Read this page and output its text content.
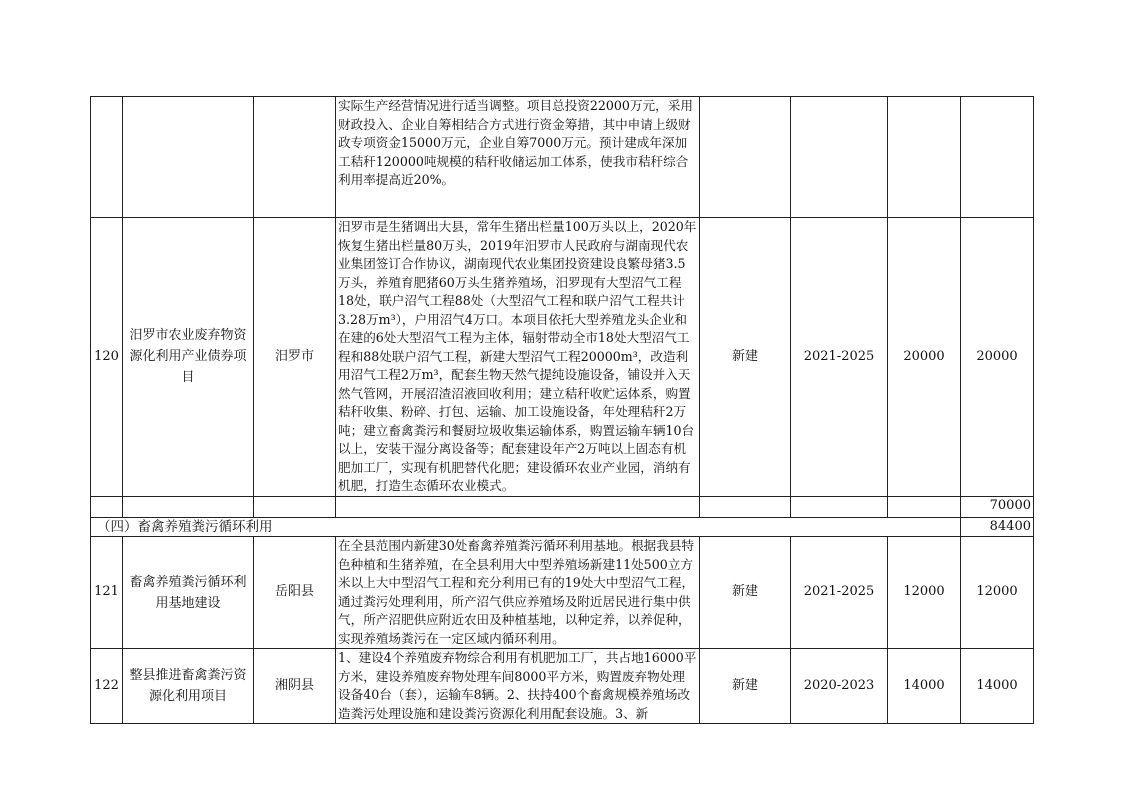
			实际生产经营情况进行适当调整。项目总投资22000万元，采用财政投入、企业自筹相结合方式进行资金筹措，其中申请上级财政专项资金15000万元，企业自筹7000万元。预计建成年深加工秸秆120000吨规模的秸秆收储运加工体系，使我市秸秆综合利用率提高近20%。				
120	汨罗市农业废弃物资源化利用产业债券项目	汨罗市	汨罗市是生猪调出大县，常年生猪出栏量100万头以上，2020年恢复生猪出栏量80万头，2019年汨罗市人民政府与湖南现代农业集团签订合作协议，湖南现代农业集团投资建设良繁母猪3.5万头，养殖育肥猪60万头生猪养殖场，汨罗现有大型沼气工程18处，联户沼气工程88处（大型沼气工程和联户沼气工程共计3.28万m³），户用沼气4万口。本项目依托大型养殖龙头企业和在建的6处大型沼气工程为主体，辐射带动全市18处大型沼气工程和88处联户沼气工程，新建大型沼气工程20000m³，改造利用沼气工程2万m³，配套生物天然气提纯设施设备，铺设并入天然气管网，开展沼渣沼液回收利用；建立秸秆收贮运体系，购置秸秆收集、粉碎、打包、运输、加工设施设备，年处理秸秆2万吨；建立畜禽粪污和餐厨垃圾收集运输体系，购置运输车辆10台以上，安装干湿分离设备等；配套建设年产2万吨以上固态有机肥加工厂，实现有机肥替代化肥；建设循环农业产业园，消纳有机肥，打造生态循环农业模式。	新建	2021-2025	20000	20000
							70000
（四）畜禽养殖粪污循环利用							84400
121	畜禽养殖粪污循环利用基地建设	岳阳县	在全县范围内新建30处畜禽养殖粪污循环利用基地。根据我县特色种植和生猪养殖，在全县利用大中型养殖场新建11处500立方米以上大中型沼气工程和充分利用已有的19处大中型沼气工程，通过粪污处理利用，所产沼气供应养殖场及附近居民进行集中供气，所产沼肥供应附近农田及种植基地，以种定养，以养促种，实现养殖场粪污在一定区域内循环利用。	新建	2021-2025	12000	12000
122	整县推进畜禽粪污资源化利用项目	湘阴县	1、建设4个养殖废弃物综合利用有机肥加工厂，共占地16000平方米，建设养殖废弃物处理车间8000平方米，购置废弃物处理设备40台（套），运输车8辆。2、扶持400个畜禽规模养殖场改造粪污处理设施和建设粪污资源化利用配套设施。3、新	新建	2020-2023	14000	14000
